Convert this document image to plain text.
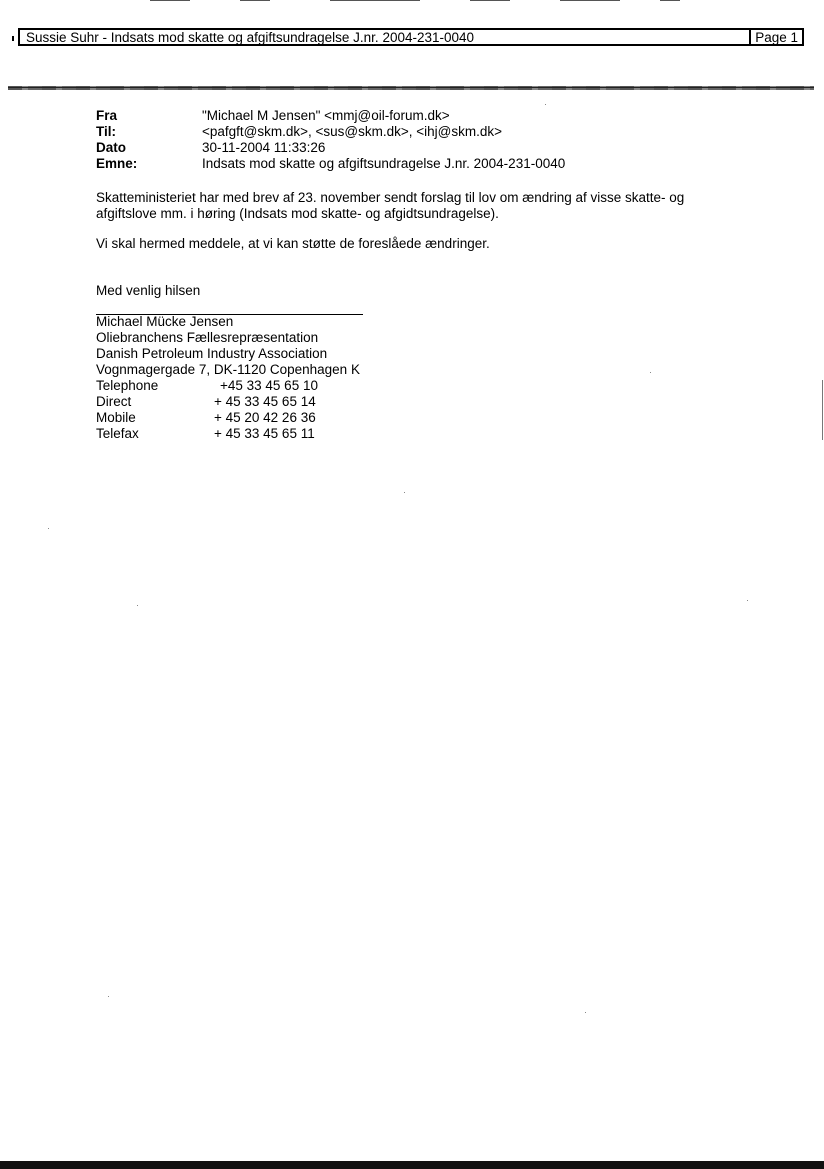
Sussie Suhr - Indsats mod skatte og afgiftsundragelse J.nr. 2004-231-0040	Page 1
Fra	"Michael M Jensen" <mmj@oil-forum.dk>
Til:	<pafgft@skm.dk>, <sus@skm.dk>, <ihj@skm.dk>
Dato	30-11-2004 11:33:26
Emne:	Indsats mod skatte og afgiftsundragelse J.nr. 2004-231-0040
Skatteministeriet har med brev af 23. november sendt forslag til lov om ændring af visse skatte- og
afgiftslove mm. i høring (Indsats mod skatte- og afgidtsundragelse).
Vi skal hermed meddele, at vi kan støtte de foreslåede ændringer.
Med venlig hilsen
Michael Mücke Jensen
Oliebranchens Fællesrepræsentation
Danish Petroleum Industry Association
Vognmagergade 7, DK-1120 Copenhagen K
Telephone	+45 33 45 65 10
Direct	+ 45 33 45 65 14
Mobile	+ 45 20 42 26 36
Telefax	+ 45 33 45 65 11
